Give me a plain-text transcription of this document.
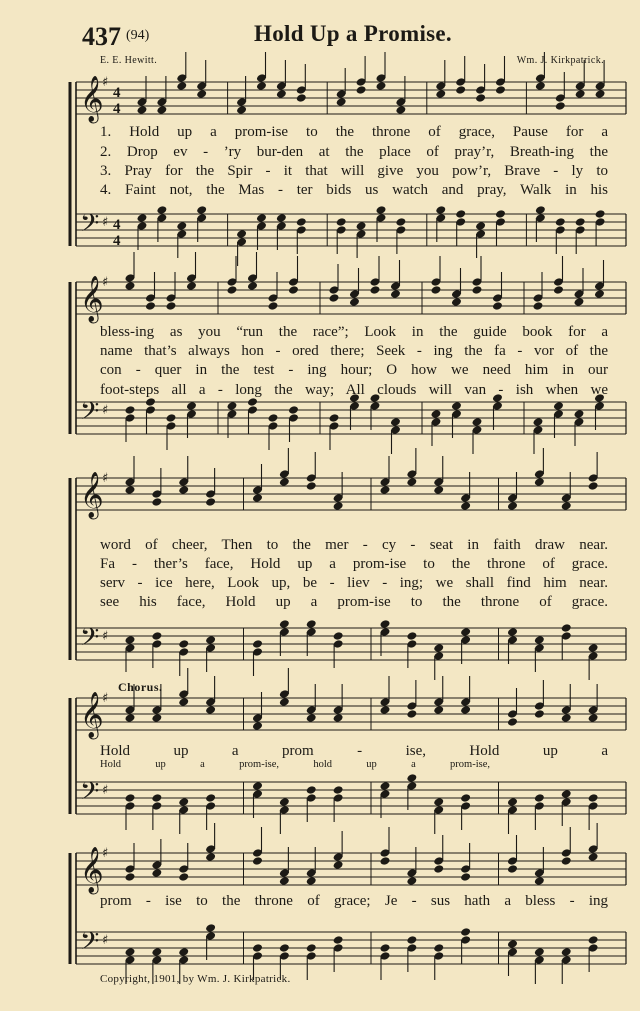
437 (94)	Hold Up a Promise.
E. E. Hewitt.	Wm. J. Kirkpatrick.
𝄞
♯
4
4
𝄢 ♯ 4
4
𝄞
♯
𝄢 ♯
𝄞
♯
𝄢 ♯
𝄞
♯
𝄢 ♯
𝄞
♯
𝄢 ♯
1. Hold up a prom-ise to the throne of grace, Pause for a
2. Drop ev - ’ry bur-den at the place of pray’r, Breath-ing the
3. Pray for the Spir - it that will give you pow’r, Brave - ly to
4. Faint not, the Mas - ter bids us watch and pray, Walk in his
bless-ing as you “run the race”; Look in the guide book for a
name that’s always hon - ored there; Seek - ing the fa - vor of the
con - quer in the test - ing hour; O how we need him in our
foot-steps all a - long the way; All clouds will van - ish when we
word of cheer, Then to the mer - cy - seat in faith draw near.
Fa - ther’s face, Hold up a prom-ise to the throne of grace.
serv - ice here, Look up, be - liev - ing; we shall find him near.
see his face, Hold up a prom-ise to the throne of grace.
Chorus.
Hold up a prom - ise, Hold up a
Hold up a prom-ise, hold up a prom-ise,
prom - ise to the throne of grace; Je - sus hath a bless - ing
Copyright, 1901, by Wm. J. Kirkpatrick.
